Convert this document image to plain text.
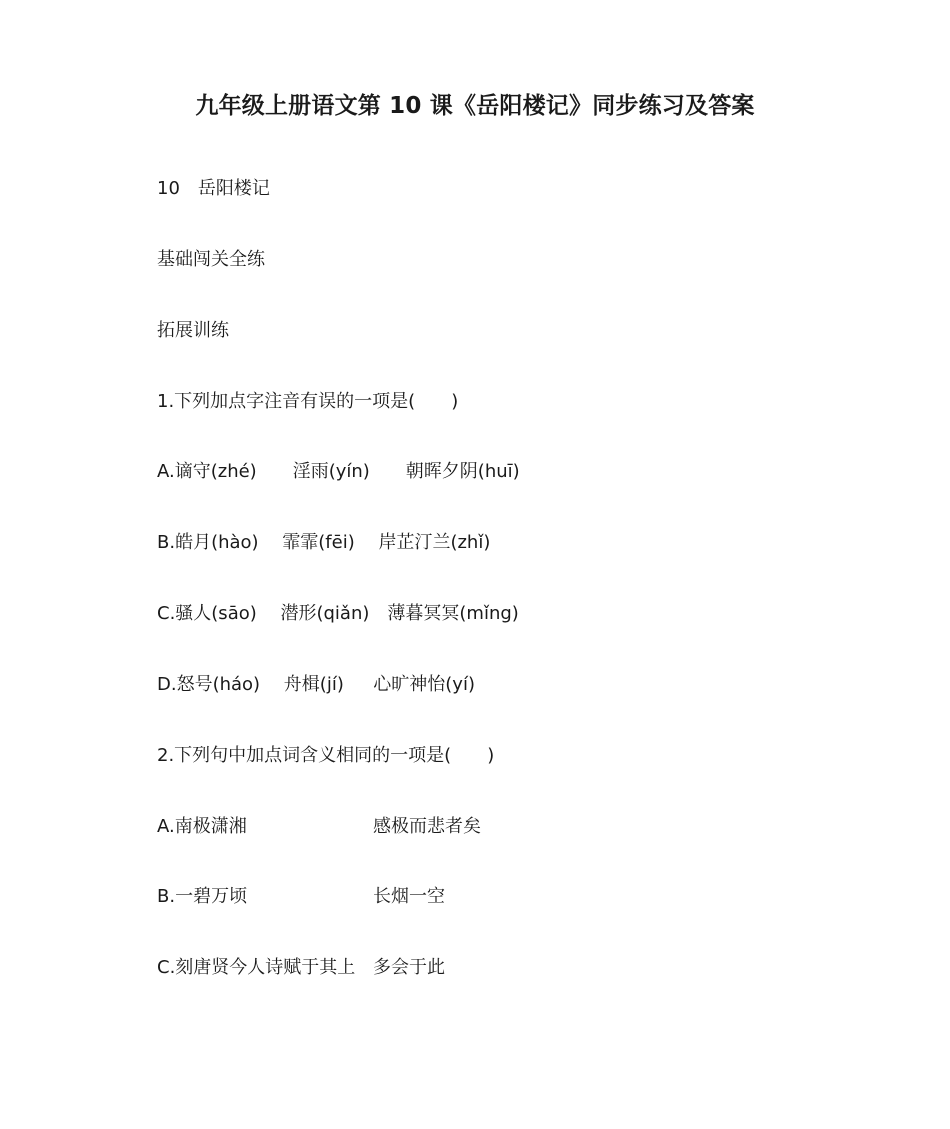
九年级上册语文第 10 课《岳阳楼记》同步练习及答案
10　岳阳楼记
基础闯关全练
拓展训练
1.下列加点字注音有误的一项是(　　)
A.谪守(zhé)　　淫雨(yín)　　朝晖夕阴(huī)
B.皓月(hào)　 霏霏(fēi)　 岸芷汀兰(zhǐ)
C.骚人(sāo)　 潜形(qiǎn)　薄暮冥冥(mǐng)
D.怒号(háo)　 舟楫(jí)　  心旷神怡(yí)
2.下列句中加点词含义相同的一项是(　　)
A.南极潇湘	感极而悲者矣
B.一碧万顷	长烟一空
C.刻唐贤今人诗赋于其上 多会于此
